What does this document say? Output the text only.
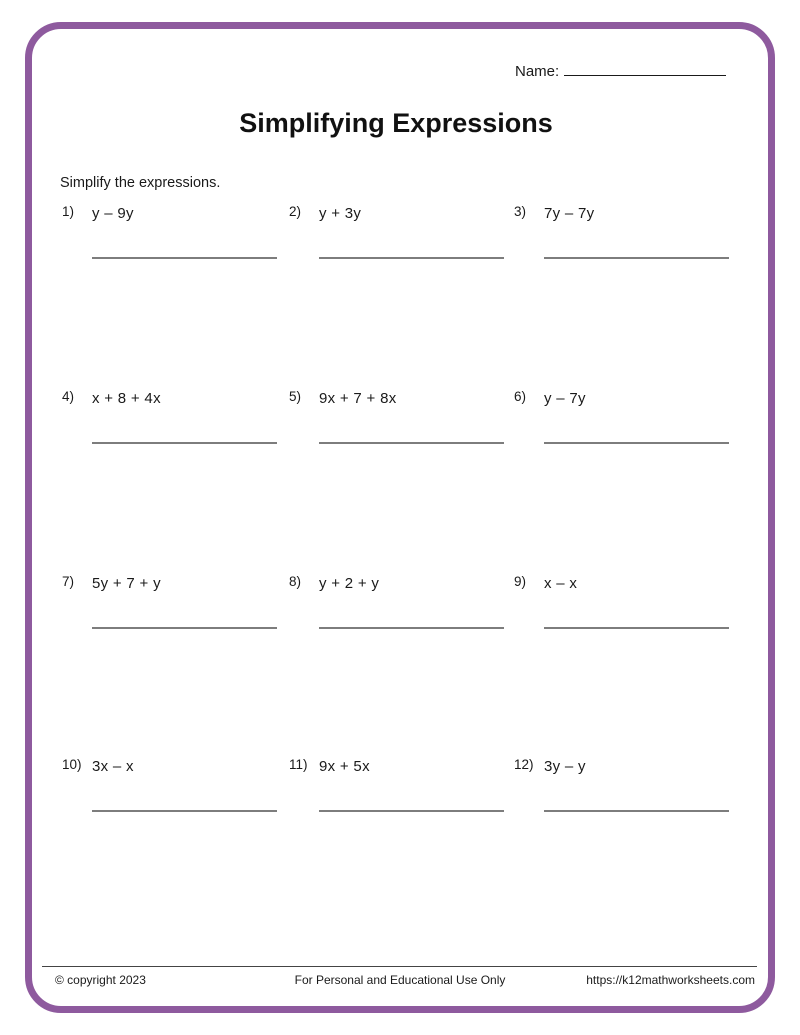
Name:
Simplifying Expressions
Simplify the expressions.
1) y – 9y	2) y + 3y	3) 7y – 7y
4) x + 8 + 4x	5) 9x + 7 + 8x	6) y – 7y
7) 5y + 7 + y	8) y + 2 + y	9) x – x
10) 3x – x	11) 9x + 5x	12) 3y – y
© copyright 2023	For Personal and Educational Use Only	https://k12mathworksheets.com
